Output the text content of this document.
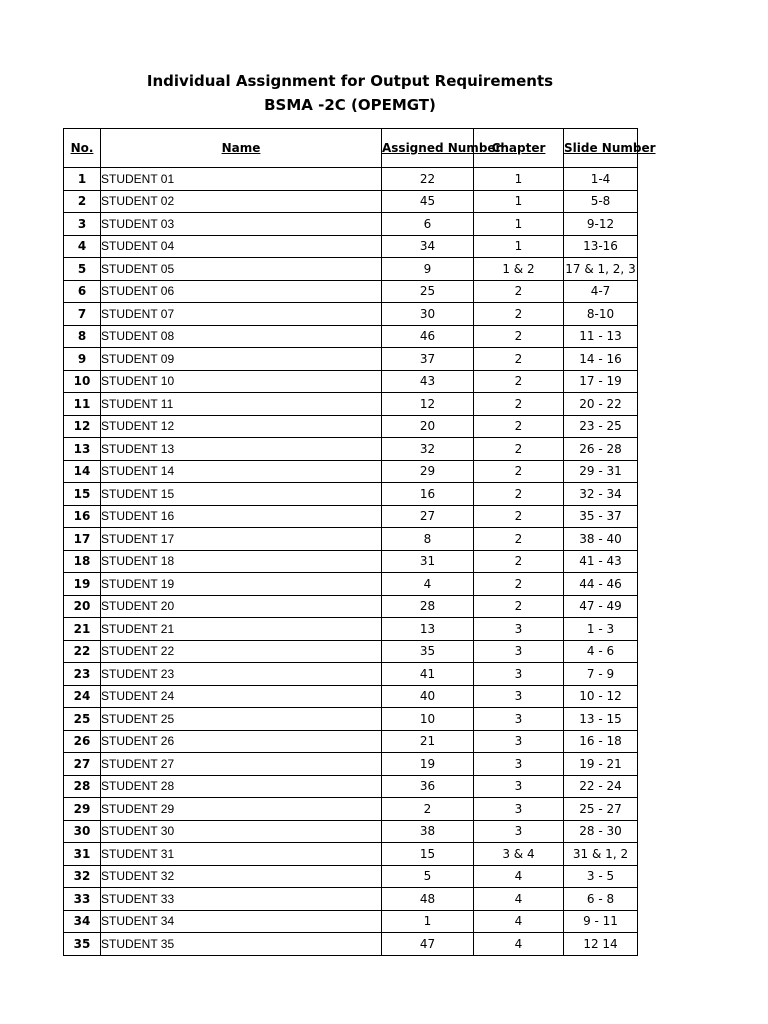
Individual Assignment for Output Requirements
BSMA -2C (OPEMGT)
No.	Name	Assigned Number	Chapter	Slide Number
1	STUDENT 01	22	1	1-4
2	STUDENT 02	45	1	5-8
3	STUDENT 03	6	1	9-12
4	STUDENT 04	34	1	13-16
5	STUDENT 05	9	1 & 2	17 & 1, 2, 3
6	STUDENT 06	25	2	4-7
7	STUDENT 07	30	2	8-10
8	STUDENT 08	46	2	11 - 13
9	STUDENT 09	37	2	14 - 16
10	STUDENT 10	43	2	17 - 19
11	STUDENT 11	12	2	20 - 22
12	STUDENT 12	20	2	23 - 25
13	STUDENT 13	32	2	26 - 28
14	STUDENT 14	29	2	29 - 31
15	STUDENT 15	16	2	32 - 34
16	STUDENT 16	27	2	35 - 37
17	STUDENT 17	8	2	38 - 40
18	STUDENT 18	31	2	41 - 43
19	STUDENT 19	4	2	44 - 46
20	STUDENT 20	28	2	47 - 49
21	STUDENT 21	13	3	1 - 3
22	STUDENT 22	35	3	4 - 6
23	STUDENT 23	41	3	7 - 9
24	STUDENT 24	40	3	10 - 12
25	STUDENT 25	10	3	13 - 15
26	STUDENT 26	21	3	16 - 18
27	STUDENT 27	19	3	19 - 21
28	STUDENT 28	36	3	22 - 24
29	STUDENT 29	2	3	25 - 27
30	STUDENT 30	38	3	28 - 30
31	STUDENT 31	15	3 & 4	31 & 1, 2
32	STUDENT 32	5	4	3 - 5
33	STUDENT 33	48	4	6 - 8
34	STUDENT 34	1	4	9 - 11
35	STUDENT 35	47	4	12 14
